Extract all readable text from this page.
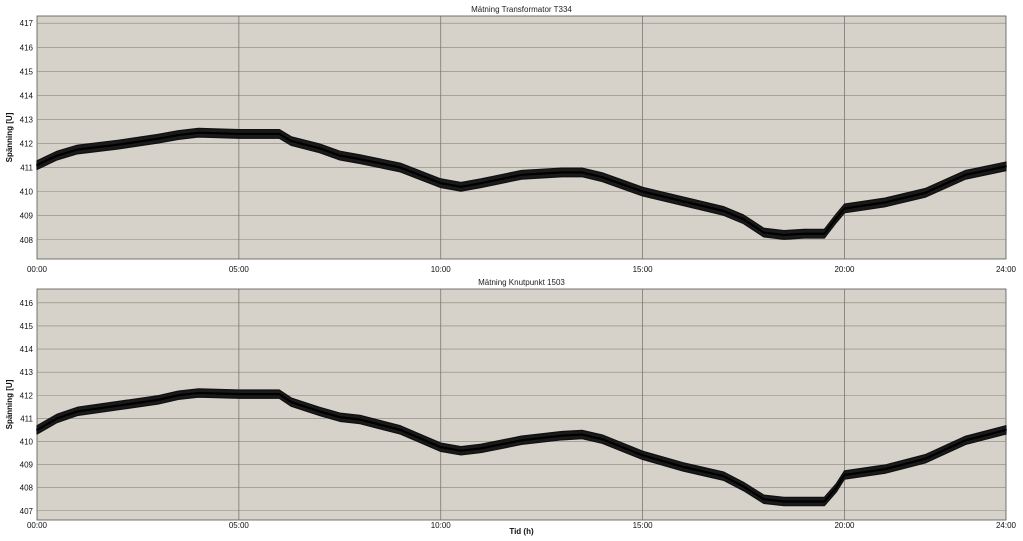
Mätning Transformator T334
408
409
410
411
412
413
414
415
416
417
00:00	05:00	10:00	15:00	20:00	24:00
Spänning [U]
Mätning Knutpunkt 1503
407
408
409
410
411
412
413
414
415
416
00:00	05:00	10:00	15:00	20:00	24:00
Spänning [U]
Tid (h)
